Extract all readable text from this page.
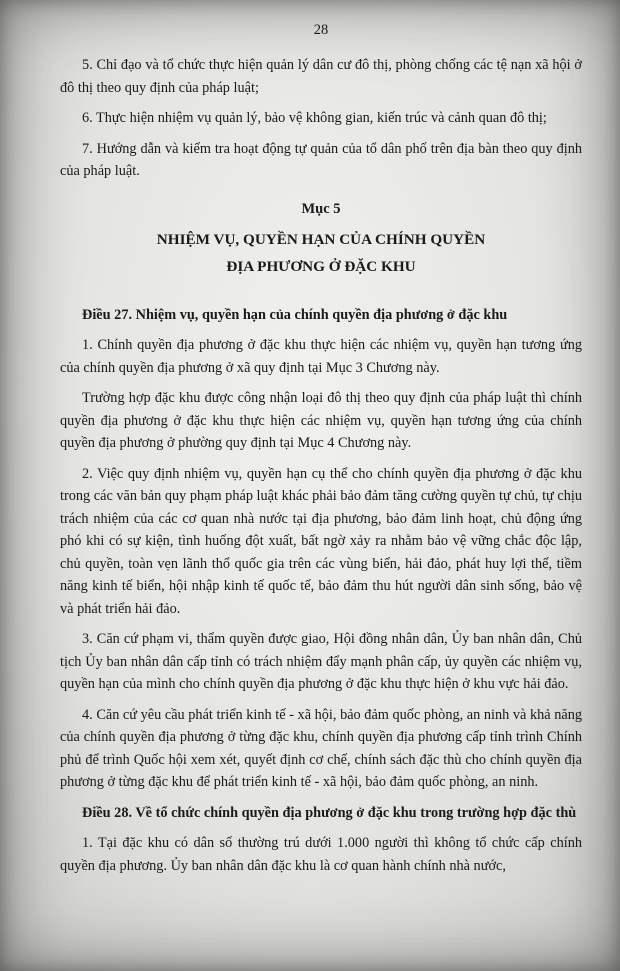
28

5. Chỉ đạo và tổ chức thực hiện quản lý dân cư đô thị, phòng chống các tệ nạn xã hội ở đô thị theo quy định của pháp luật;

6. Thực hiện nhiệm vụ quản lý, bảo vệ không gian, kiến trúc và cảnh quan đô thị;

7. Hướng dẫn và kiểm tra hoạt động tự quản của tổ dân phố trên địa bàn theo quy định của pháp luật.

Mục 5
NHIỆM VỤ, QUYỀN HẠN CỦA CHÍNH QUYỀN
ĐỊA PHƯƠNG Ở ĐẶC KHU

Điều 27. Nhiệm vụ, quyền hạn của chính quyền địa phương ở đặc khu

1. Chính quyền địa phương ở đặc khu thực hiện các nhiệm vụ, quyền hạn tương ứng của chính quyền địa phương ở xã quy định tại Mục 3 Chương này.

Trường hợp đặc khu được công nhận loại đô thị theo quy định của pháp luật thì chính quyền địa phương ở đặc khu thực hiện các nhiệm vụ, quyền hạn tương ứng của chính quyền địa phương ở phường quy định tại Mục 4 Chương này.

2. Việc quy định nhiệm vụ, quyền hạn cụ thể cho chính quyền địa phương ở đặc khu trong các văn bản quy phạm pháp luật khác phải bảo đảm tăng cường quyền tự chủ, tự chịu trách nhiệm của các cơ quan nhà nước tại địa phương, bảo đảm linh hoạt, chủ động ứng phó khi có sự kiện, tình huống đột xuất, bất ngờ xảy ra nhằm bảo vệ vững chắc độc lập, chủ quyền, toàn vẹn lãnh thổ quốc gia trên các vùng biển, hải đảo, phát huy lợi thế, tiềm năng kinh tế biển, hội nhập kinh tế quốc tế, bảo đảm thu hút người dân sinh sống, bảo vệ và phát triển hải đảo.

3. Căn cứ phạm vi, thẩm quyền được giao, Hội đồng nhân dân, Ủy ban nhân dân, Chủ tịch Ủy ban nhân dân cấp tỉnh có trách nhiệm đẩy mạnh phân cấp, ủy quyền các nhiệm vụ, quyền hạn của mình cho chính quyền địa phương ở đặc khu thực hiện ở khu vực hải đảo.

4. Căn cứ yêu cầu phát triển kinh tế - xã hội, bảo đảm quốc phòng, an ninh và khả năng của chính quyền địa phương ở từng đặc khu, chính quyền địa phương cấp tỉnh trình Chính phủ để trình Quốc hội xem xét, quyết định cơ chế, chính sách đặc thù cho chính quyền địa phương ở từng đặc khu để phát triển kinh tế - xã hội, bảo đảm quốc phòng, an ninh.

Điều 28. Về tổ chức chính quyền địa phương ở đặc khu trong trường hợp đặc thù

1. Tại đặc khu có dân số thường trú dưới 1.000 người thì không tổ chức cấp chính quyền địa phương. Ủy ban nhân dân đặc khu là cơ quan hành chính nhà nước,
